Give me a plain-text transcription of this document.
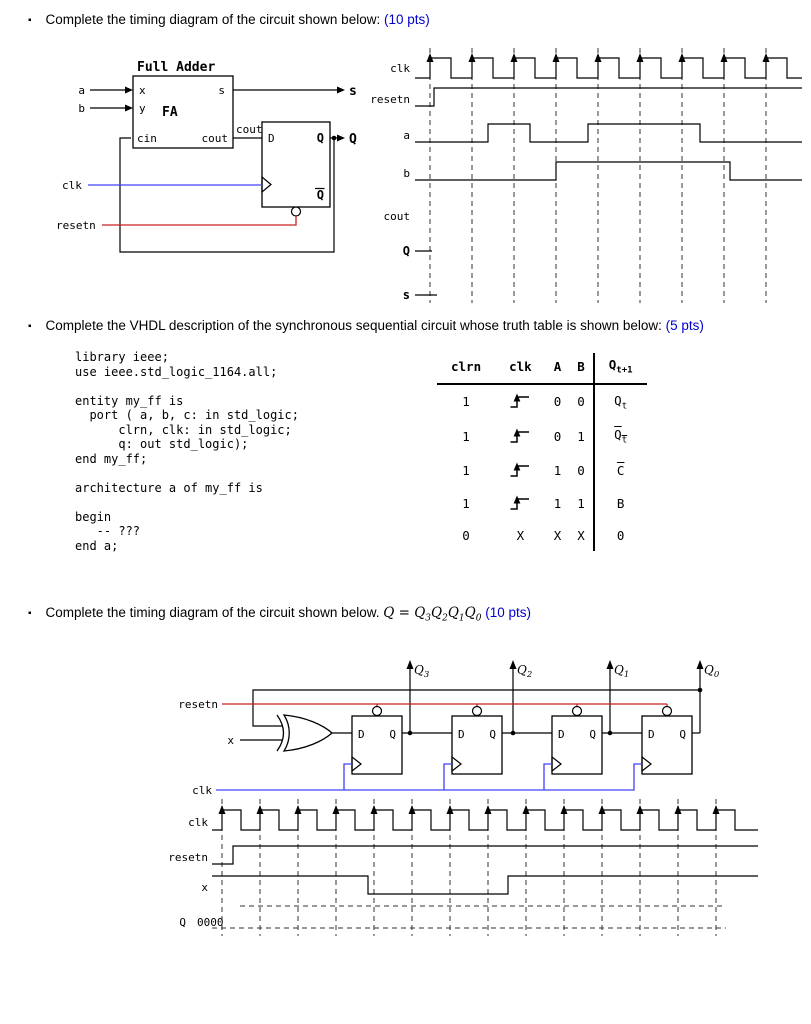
▪ Complete the timing diagram of the circuit shown below: (10 pts)
Full Adder
x
y
cin
FA
s
cout
a
b
s
cout
D	Q
Q
Q
clk
resetn
clk
resetn
a
b
cout
Q
s
▪ Complete the VHDL description of the synchronous sequential circuit whose truth table is shown below: (5 pts)
library ieee;
use ieee.std_logic_1164.all;

entity my_ff is
port ( a, b, c: in std_logic;
clrn, clk: in std_logic;
q: out std_logic);
end my_ff;

architecture a of my_ff is

begin
-- ???
end a;
clrn	clk	A	B	$Q_{t+1}$
1		0	0	$Q_t$
1		0	1	$Q_t$
1		1	0	$\overline{C}$
1		1	1	B
0	X	X	X	0
▪ Complete the timing diagram of the circuit shown below. $Q = Q_3Q_2Q_1Q_0$ (10 pts)
$Q_3$	$Q_2$	$Q_1$	$Q_0$
resetn
x	D Q	D Q	D Q	D Q
clk
clk
resetn
x
Q 0000
